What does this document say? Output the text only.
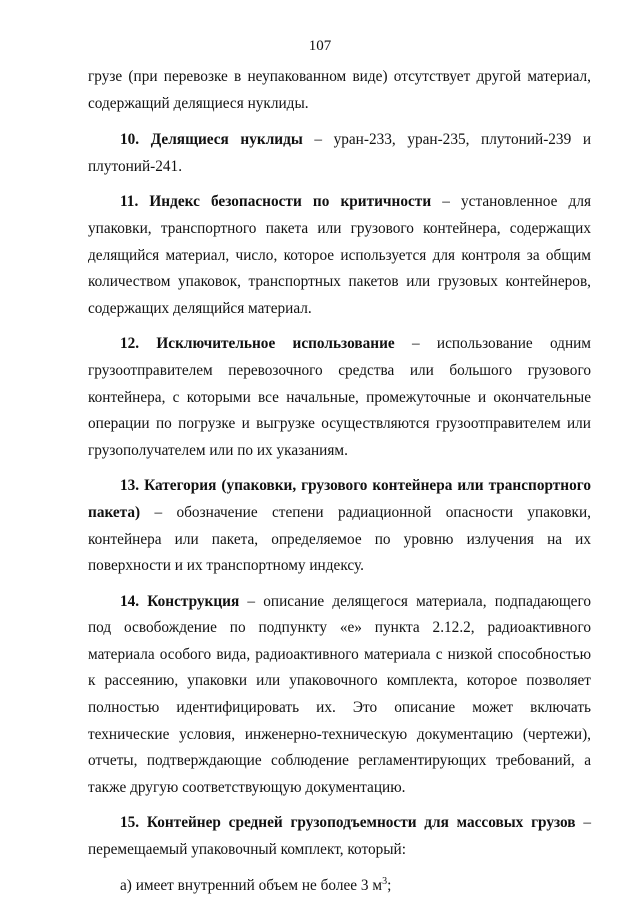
107

грузе (при перевозке в неупакованном виде) отсутствует другой материал, содержащий делящиеся нуклиды.

10. Делящиеся нуклиды – уран-233, уран-235, плутоний-239 и плутоний-241.

11. Индекс безопасности по критичности – установленное для упаковки, транспортного пакета или грузового контейнера, содержащих делящийся материал, число, которое используется для контроля за общим количеством упаковок, транспортных пакетов или грузовых контейнеров, содержащих делящийся материал.

12. Исключительное использование – использование одним грузоотправителем перевозочного средства или большого грузового контейнера, с которыми все начальные, промежуточные и окончательные операции по погрузке и выгрузке осуществляются грузоотправителем или грузополучателем или по их указаниям.

13. Категория (упаковки, грузового контейнера или транспортного пакета) – обозначение степени радиационной опасности упаковки, контейнера или пакета, определяемое по уровню излучения на их поверхности и их транспортному индексу.

14. Конструкция – описание делящегося материала, подпадающего под освобождение по подпункту «е» пункта 2.12.2, радиоактивного материала особого вида, радиоактивного материала с низкой способностью к рассеянию, упаковки или упаковочного комплекта, которое позволяет полностью идентифицировать их. Это описание может включать технические условия, инженерно-техническую документацию (чертежи), отчеты, подтверждающие соблюдение регламентирующих требований, а также другую соответствующую документацию.

15. Контейнер средней грузоподъемности для массовых грузов – перемещаемый упаковочный комплект, который:

а) имеет внутренний объем не более 3 $м^3$;
